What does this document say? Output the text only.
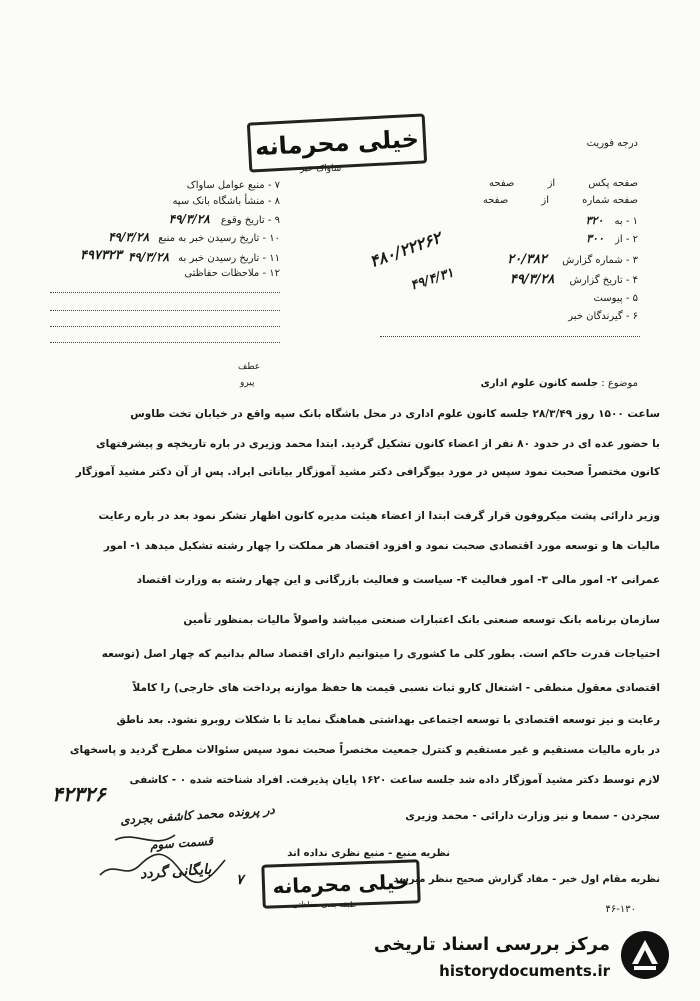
درجه فوریت
خیلی محرمانه
ساواک خیر
۷ - منبع عوامل ساواک
۸ - منشأ باشگاه بانک سپه
۹ - تاریخ وقوع ۴۹/۳/۲۸
۱۰ - تاریخ رسیدن خبر به منبع ۴۹/۳/۲۸
۱۱ - تاریخ رسیدن خبر به ۴۹/۳/۲۸
۱۲ - ملاحظات حفاظتی
صفحه پکس از صفحه
صفحه شماره از صفحه
۱ - به ۳۲۰
۲ - از ۳۰۰
۳ - شماره گزارش ۲۰/۳۸۲
۴ - تاریخ گزارش ۴۹/۳/۲۸
۵ - پیوست
۶ - گیرندگان خبر
۴۸۰/۲۲۲۶۲
۴۹/۴/۳۱
۴۹۷۳۲۳
عطف
پیرو	موضوع : جلسه کانون علوم اداری
ساعت ۱۵۰۰ روز ۲۸/۳/۴۹ جلسه کانون علوم اداری در محل باشگاه بانک سپه واقع در خیابان تخت طاوس
با حضور عده ای در حدود ۸۰ نفر از اعضاء کانون تشکیل گردید. ابتدا محمد وزیری در باره تاریخچه و پیشرفتهای
کانون مختصراً صحبت نمود سپس در مورد بیوگرافی دکتر مشید آموزگار بیاناتی ایراد. پس از آن دکتر مشید آموزگار
وزیر دارائی پشت میکروفون قرار گرفت ابتدا از اعضاء هیئت مدیره کانون اظهار تشکر نمود بعد در باره رعایت
مالیات ها و توسعه مورد اقتصادی صحبت نمود و افزود اقتصاد هر مملکت را چهار رشته تشکیل میدهد ۱- امور
عمرانی ۲- امور مالی ۳- امور فعالیت ۴- سیاست و فعالیت بازرگانی و این چهار رشته به وزارت اقتصاد
سازمان برنامه بانک توسعه صنعتی بانک اعتبارات صنعتی میباشد واصولاً مالیات بمنظور تأمین
احتیاجات قدرت حاکم است. بطور کلی ما کشوری را میتوانیم دارای اقتصاد سالم بدانیم که چهار اصل (توسعه
اقتصادی معقول منطقی - اشتغال کارو ثبات نسبی قیمت ها حفظ موازنه پرداخت های خارجی) را کاملاً
رعایت و نیز توسعه اقتصادی با توسعه اجتماعی بهداشتی هماهنگ نماید تا با شکلات روبرو نشود. بعد ناطق
در باره مالیات مستقیم و غیر مستقیم و کنترل جمعیت مختصراً صحبت نمود سپس سئوالات مطرح گردید و پاسخهای
لازم توسط دکتر مشید آموزگار داده شد جلسه ساعت ۱۶۲۰ پایان پذیرفت. افراد شناخته شده ۰ - کاشفی
سجردن - سمعا و نیز وزارت دارائی - محمد وزیری
۴۲۳۲۶
در پرونده محمد کاشفی بجردی
قسمت سوم
بایگانی گردد ۷
نظریه منبع - منبع نظری نداده اند
نظریه مقام اول خبر - مفاد گزارش صحیح بنظر میرسد
خیلی محرمانه
طبقه بندی حفاظتی	۴۶-۱۳۰
مرکز بررسی اسناد تاریخی
historydocuments.ir
